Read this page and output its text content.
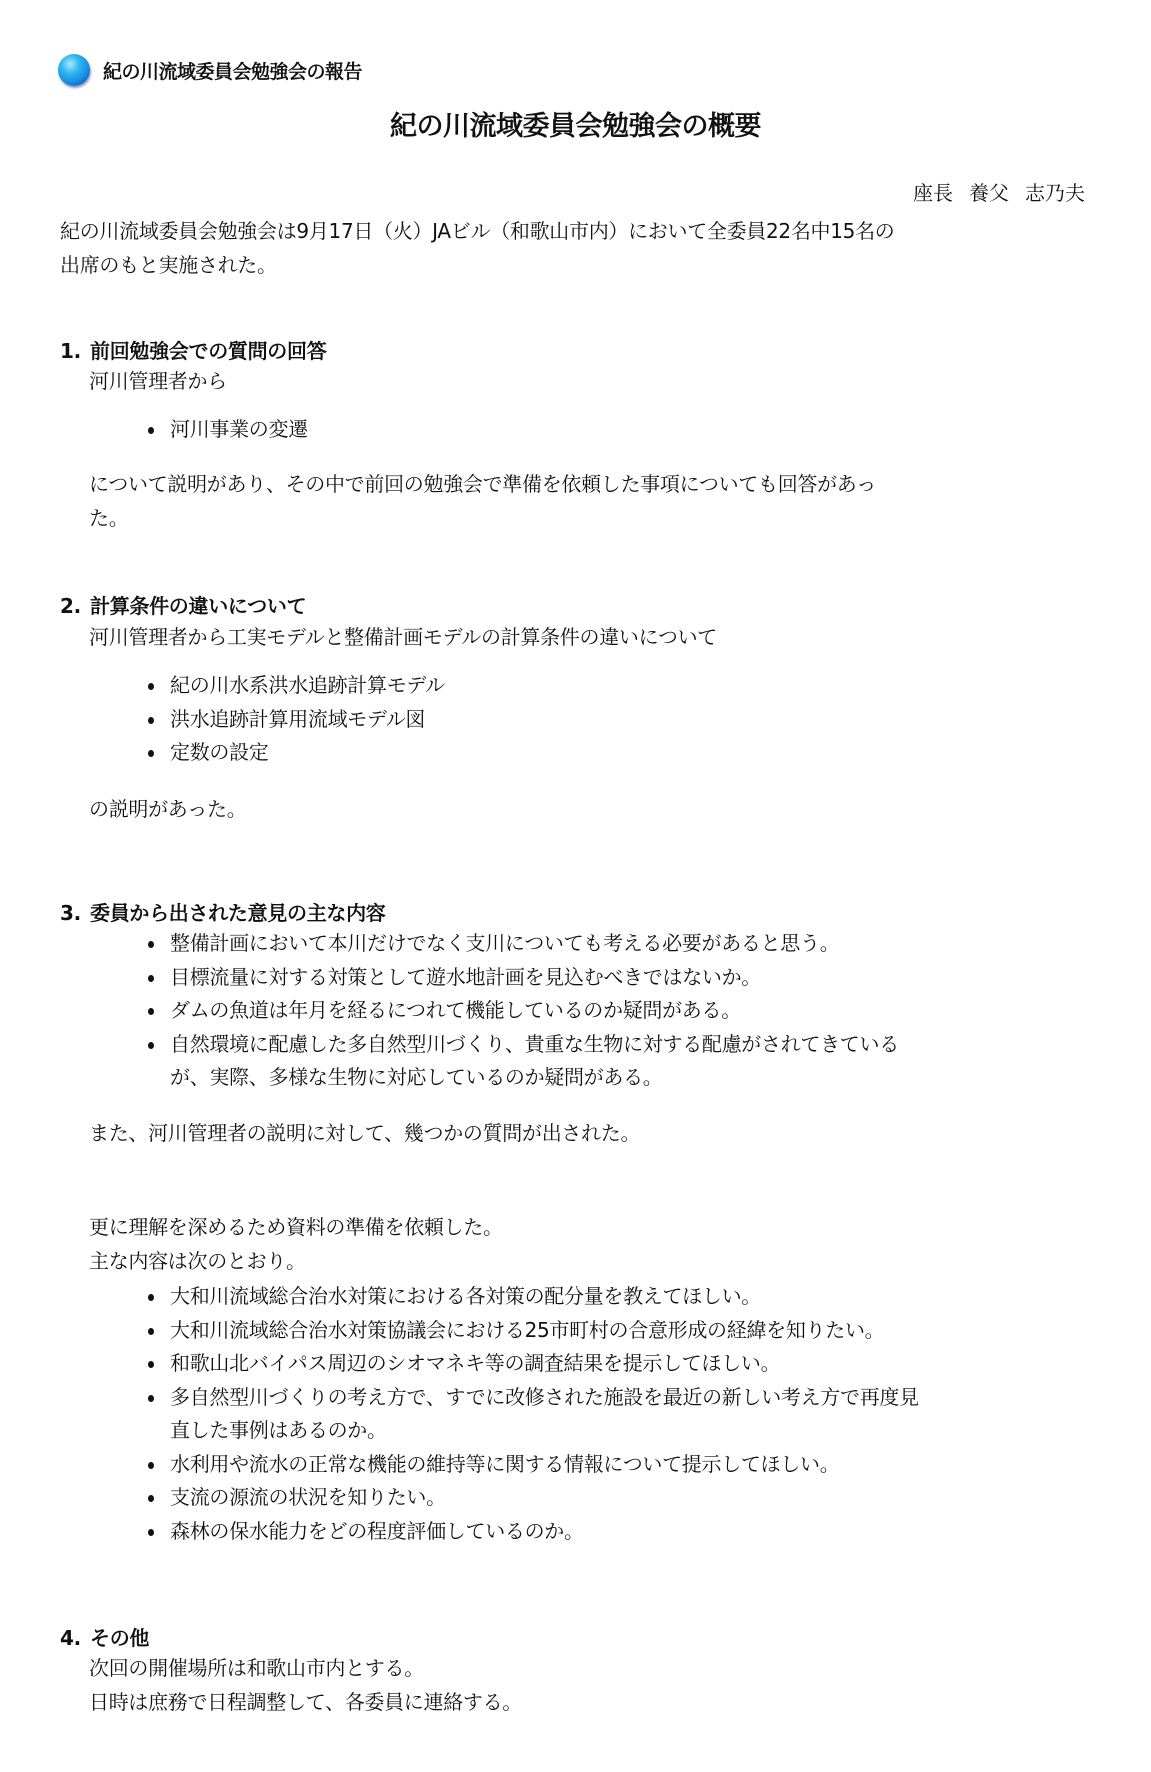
紀の川流域委員会勉強会の報告
紀の川流域委員会勉強会の概要
座長 養父 志乃夫
紀の川流域委員会勉強会は9月17日（火）JAビル（和歌山市内）において全委員22名中15名の
出席のもと実施された。
1. 前回勉強会での質問の回答
河川管理者から
河川事業の変遷
について説明があり、その中で前回の勉強会で準備を依頼した事項についても回答があっ
た。
2. 計算条件の違いについて
河川管理者から工実モデルと整備計画モデルの計算条件の違いについて
紀の川水系洪水追跡計算モデル
洪水追跡計算用流域モデル図
定数の設定
の説明があった。
3. 委員から出された意見の主な内容
整備計画において本川だけでなく支川についても考える必要があると思う。
目標流量に対する対策として遊水地計画を見込むべきではないか。
ダムの魚道は年月を経るにつれて機能しているのか疑問がある。
自然環境に配慮した多自然型川づくり、貴重な生物に対する配慮がされてきている
が、実際、多様な生物に対応しているのか疑問がある。
また、河川管理者の説明に対して、幾つかの質問が出された。
更に理解を深めるため資料の準備を依頼した。
主な内容は次のとおり。
大和川流域総合治水対策における各対策の配分量を教えてほしい。
大和川流域総合治水対策協議会における25市町村の合意形成の経緯を知りたい。
和歌山北バイパス周辺のシオマネキ等の調査結果を提示してほしい。
多自然型川づくりの考え方で、すでに改修された施設を最近の新しい考え方で再度見
直した事例はあるのか。
水利用や流水の正常な機能の維持等に関する情報について提示してほしい。
支流の源流の状況を知りたい。
森林の保水能力をどの程度評価しているのか。
4. その他
次回の開催場所は和歌山市内とする。
日時は庶務で日程調整して、各委員に連絡する。
